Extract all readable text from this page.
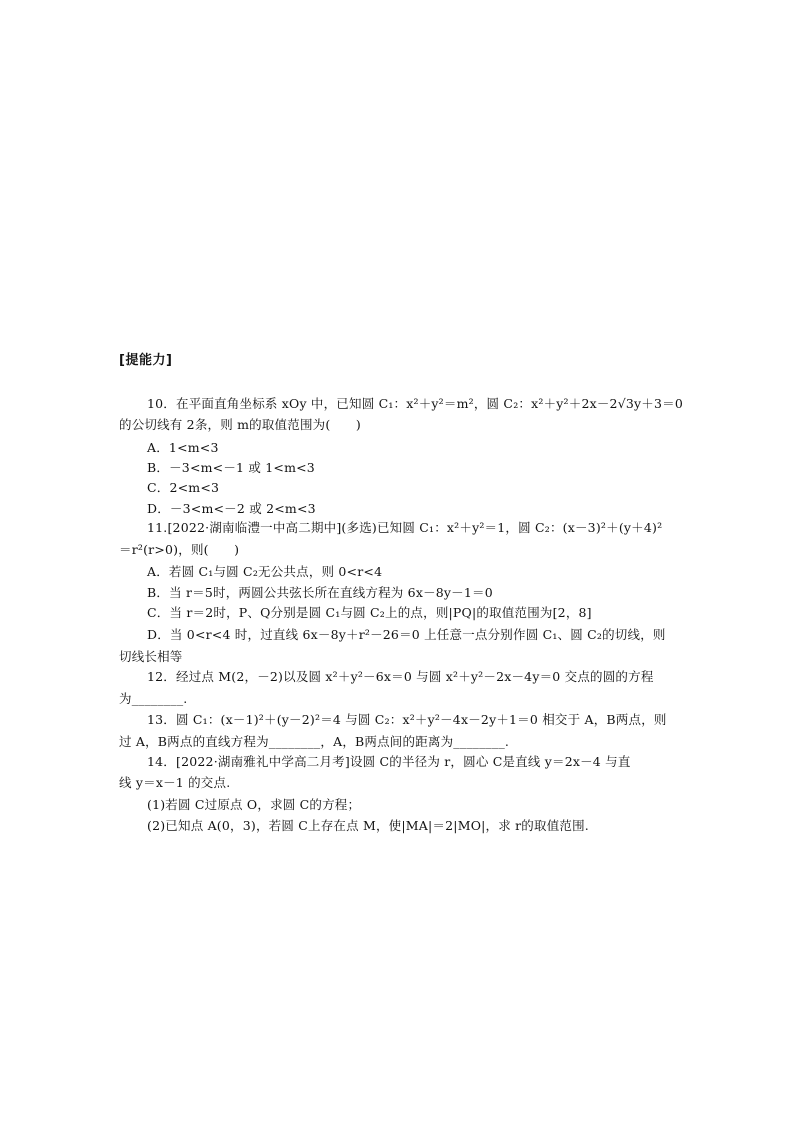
[提能力]
10．在平面直角坐标系 xOy 中，已知圆 C₁：x²＋y²＝m²，圆 C₂：x²＋y²＋2x－2√3y＋3＝0
的公切线有 2条，则 m的取值范围为(　　)
A．1<m<3
B．－3<m<－1 或 1<m<3
C．2<m<3
D．－3<m<－2 或 2<m<3
11.[2022·湖南临澧一中高二期中](多选)已知圆 C₁：x²＋y²＝1，圆 C₂：(x－3)²＋(y＋4)²
＝r²(r>0)，则(　　)
A．若圆 C₁与圆 C₂无公共点，则 0<r<4
B．当 r＝5时，两圆公共弦长所在直线方程为 6x－8y－1＝0
C．当 r＝2时，P、Q分别是圆 C₁与圆 C₂上的点，则|PQ|的取值范围为[2，8]
D．当 0<r<4 时，过直线 6x－8y＋r²－26＝0 上任意一点分别作圆 C₁、圆 C₂的切线，则
切线长相等
12．经过点 M(2，－2)以及圆 x²＋y²－6x＝0 与圆 x²＋y²－2x－4y＝0 交点的圆的方程
为________.
13．圆 C₁：(x－1)²＋(y－2)²＝4 与圆 C₂：x²＋y²－4x－2y＋1＝0 相交于 A，B两点，则
过 A，B两点的直线方程为________，A，B两点间的距离为________.
14．[2022·湖南雅礼中学高二月考]设圆 C的半径为 r，圆心 C是直线 y＝2x－4 与直
线 y＝x－1 的交点.
(1)若圆 C过原点 O，求圆 C的方程；
(2)已知点 A(0，3)，若圆 C上存在点 M，使|MA|＝2|MO|，求 r的取值范围.
